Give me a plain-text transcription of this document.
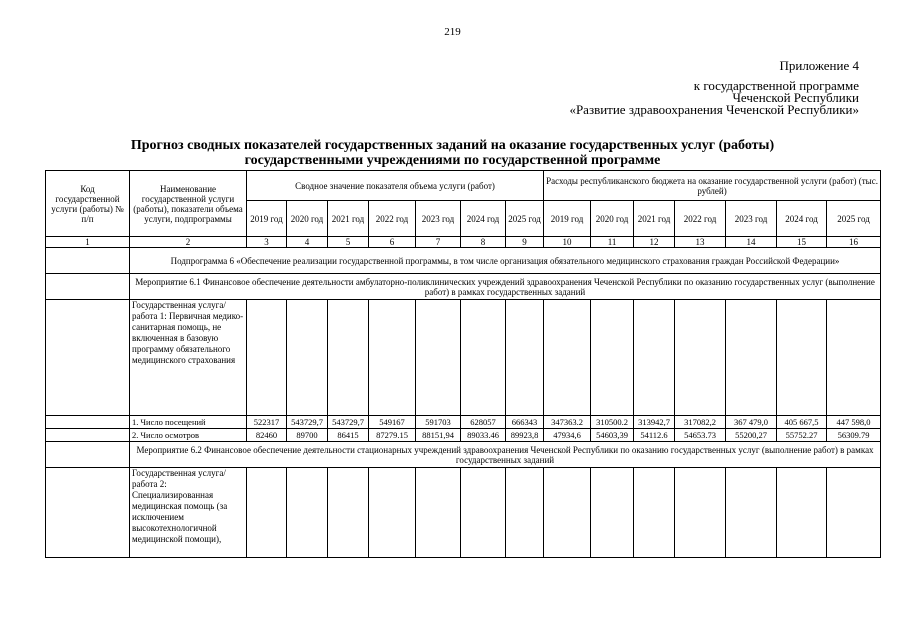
219
Приложение 4
к государственной программе
Чеченской Республики
«Развитие здравоохранения Чеченской Республики»
Прогноз сводных показателей государственных заданий на оказание государственных услуг (работы)
государственными учреждениями по государственной программе
Код государственной услуги (работы) № п/п	Наименование государственной услуги (работы), показатели объема услуги, подпрограммы	Сводное значение показателя объема услуги (работ)							Расходы республиканского бюджета на оказание государственной услуги (работ) (тыс. рублей)						
		2019 год	2020 год	2021 год	2022 год	2023 год	2024 год	2025 год	2019 год	2020 год	2021 год	2022 год	2023 год	2024 год	2025 год
1	2	3	4	5	6	7	8	9	10	11	12	13	14	15	16
	Подпрограмма 6 «Обеспечение реализации государственной программы, в том числе организация обязательного медицинского страхования граждан Российской Федерации»														
	Мероприятие 6.1 Финансовое обеспечение деятельности амбулаторно-поликлинических учреждений здравоохранения Чеченской Республики по оказанию государственных услуг (выполнение работ) в рамках государственных заданий														
	Государственная услуга/работа 1: Первичная медико-санитарная помощь, не включенная в базовую программу обязательного медицинского страхования														
	1. Число посещений	522317	543729,7	543729,7	549167	591703	628057	666343	347363.2	310500.2	313942,7	317082,2	367 479,0	405 667,5	447 598,0
	2. Число осмотров	82460	89700	86415	87279.15	88151,94	89033.46	89923,8	47934,6	54603,39	54112.6	54653.73	55200,27	55752.27	56309.79
	Мероприятие 6.2 Финансовое обеспечение деятельности стационарных учреждений здравоохранения Чеченской Республики по оказанию государственных услуг (выполнение работ) в рамках государственных заданий														
	Государственная услуга/работа 2: Специализированная медицинская помощь (за исключением высокотехнологичной медицинской помощи),														
